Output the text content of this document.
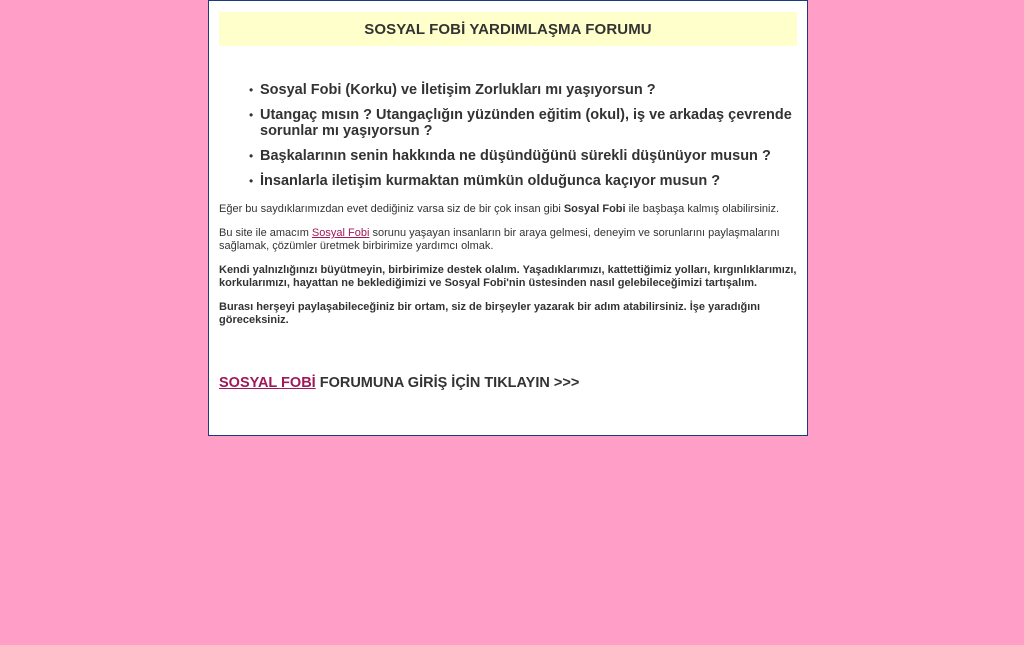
SOSYAL FOBİ YARDIMLAŞMA FORUMU
• Sosyal Fobi (Korku) ve İletişim Zorlukları mı yaşıyorsun ?
• Utangaç mısın ? Utangaçlığın yüzünden eğitim (okul), iş ve arkadaş çevrende sorunlar mı yaşıyorsun ?
• Başkalarının senin hakkında ne düşündüğünü sürekli düşünüyor musun ?
• İnsanlarla iletişim kurmaktan mümkün olduğunca kaçıyor musun ?

Eğer bu saydıklarımızdan evet dediğiniz varsa siz de bir çok insan gibi Sosyal Fobi ile başbaşa kalmış olabilirsiniz.

Bu site ile amacım Sosyal Fobi sorunu yaşayan insanların bir araya gelmesi, deneyim ve sorunlarını paylaşmalarını sağlamak, çözümler üretmek birbirimize yardımcı olmak.

Kendi yalnızlığınızı büyütmeyin, birbirimize destek olalım. Yaşadıklarımızı, kattettiğimiz yolları, kırgınlıklarımızı, korkularımızı, hayattan ne beklediğimizi ve Sosyal Fobi'nin üstesinden nasıl gelebileceğimizi tartışalım.

Burası herşeyi paylaşabileceğiniz bir ortam, siz de birşeyler yazarak bir adım atabilirsiniz. İşe yaradığını göreceksiniz.

SOSYAL FOBİ FORUMUNA GİRİŞ İÇİN TIKLAYIN >>>
